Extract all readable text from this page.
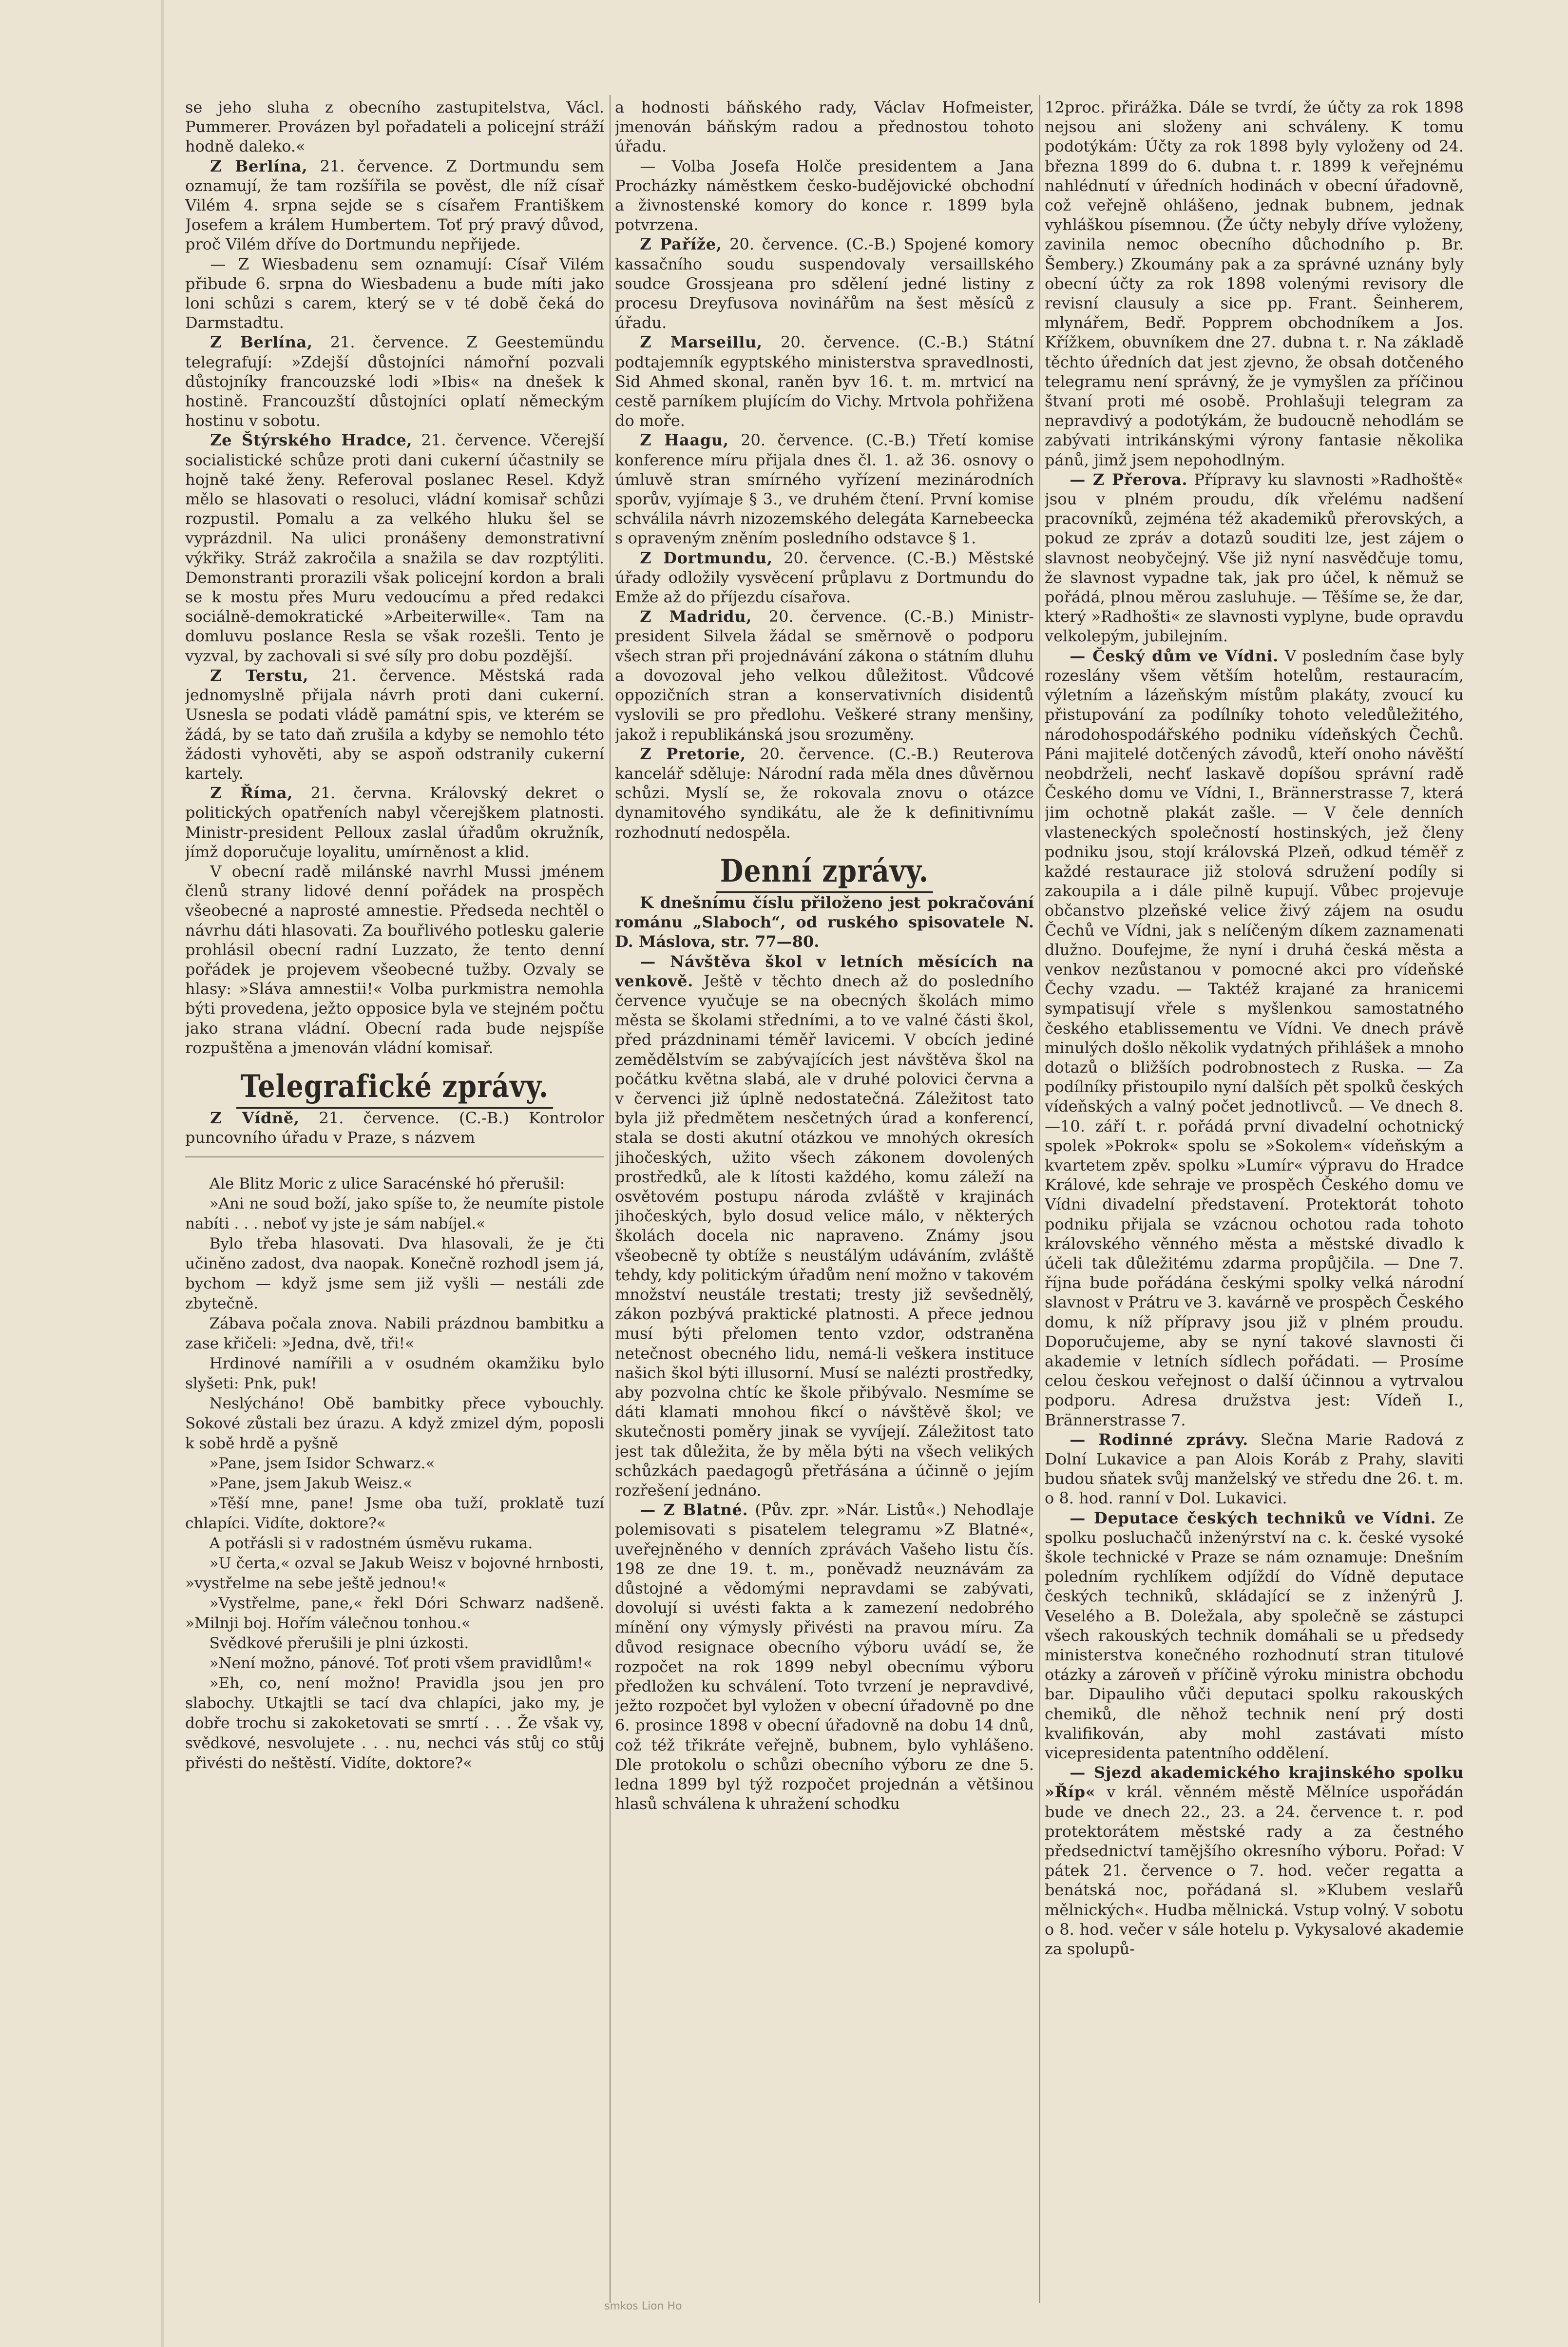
se jeho sluha z obecního zastupitelstva, Václ. Pummerer. Provázen byl pořadateli a policejní stráží hodně daleko.«

Z Berlína, 21. července. Z Dortmundu sem oznamují, že tam rozšířila se pověst, dle níž císař Vilém 4. srpna sejde se s císařem Františkem Josefem a králem Humbertem. Toť prý pravý důvod, proč Vilém dříve do Dortmundu nepřijede.

— Z Wiesbadenu sem oznamují: Císař Vilém přibude 6. srpna do Wiesbadenu a bude míti jako loni schůzi s carem, který se v té době čeká do Darmstadtu.

Z Berlína, 21. července. Z Geestemündu telegrafují: »Zdejší důstojníci námořní pozvali důstojníky francouzské lodi »Ibis« na dnešek k hostině. Francouzští důstojníci oplatí německým hostinu v sobotu.

Ze Štýrského Hradce, 21. července. Včerejší socialistické schůze proti dani cukerní účastnily se hojně také ženy. Referoval poslanec Resel. Když mělo se hlasovati o resoluci, vládní komisař schůzi rozpustil. Pomalu a za velkého hluku šel se vyprázdnil. Na ulici pronášeny demonstrativní výkřiky. Stráž zakročila a snažila se dav rozptýliti. Demonstranti prorazili však policejní kordon a brali se k mostu přes Muru vedoucímu a před redakci sociálně-demokratické »Arbeiterwille«. Tam na domluvu poslance Resla se však rozešli. Tento je vyzval, by zachovali si své síly pro dobu pozdější.

Z Terstu, 21. července. Městská rada jednomyslně přijala návrh proti dani cukerní. Usnesla se podati vládě památní spis, ve kterém se žádá, by se tato daň zrušila a kdyby se nemohlo této žádosti vyhověti, aby se aspoň odstranily cukerní kartely.

Z Říma, 21. června. Královský dekret o politických opatřeních nabyl včerejškem platnosti. Ministr-president Pelloux zaslal úřadům okružník, jímž doporučuje loyalitu, umírněnost a klid.

V obecní radě milánské navrhl Mussi jménem členů strany lidové denní pořádek na prospěch všeobecné a naprosté amnestie. Předseda nechtěl o návrhu dáti hlasovati. Za bouřlivého potlesku galerie prohlásil obecní radní Luzzato, že tento denní pořádek je projevem všeobecné tužby. Ozvaly se hlasy: »Sláva amnestii!« Volba purkmistra nemohla býti provedena, ježto opposice byla ve stejném počtu jako strana vládní. Obecní rada bude nejspíše rozpuštěna a jmenován vládní komisař.

Telegrafické zprávy.

Z Vídně, 21. července. (C.-B.) Kontrolor puncovního úřadu v Praze, s názvem

Ale Blitz Moric z ulice Saracénské hó přerušil:

»Ani ne soud boží, jako spíše to, že neumíte pistole nabíti . . . neboť vy jste je sám nabíjel.«

Bylo třeba hlasovati. Dva hlasovali, že je čti učiněno zadost, dva naopak. Konečně rozhodl jsem já, bychom — když jsme sem již vyšli — nestáli zde zbytečně.

Zábava počala znova. Nabili prázdnou bambitku a zase křičeli: »Jedna, dvě, tři!«

Hrdinové namířili a v osudném okamžiku bylo slyšeti: Pnk, puk!

Neslýcháno! Obě bambitky přece vybouchly. Sokové zůstali bez úrazu. A když zmizel dým, poposli k sobě hrdě a pyšně

»Pane, jsem Isidor Schwarz.«

»Pane, jsem Jakub Weisz.«

»Těší mne, pane! Jsme oba tuží, proklatě tuzí chlapíci. Vidíte, doktore?«

A potřásli si v radostném úsměvu rukama.

»U čerta,« ozval se Jakub Weisz v bojovné hrnbosti, »vystřelme na sebe ještě jednou!«

»Vystřelme, pane,« řekl Dóri Schwarz nadšeně. »Milnji boj. Hořím válečnou tonhou.«

Svědkové přerušili je plni úzkosti.

»Není možno, pánové. Toť proti všem pravidlům!«

»Eh, co, není možno! Pravidla jsou jen pro slabochy. Utkajtli se tací dva chlapíci, jako my, je dobře trochu si zakoketovati se smrtí . . . Že však vy, svědkové, nesvolujete . . . nu, nechci vás stůj co stůj přivésti do neštěstí. Vidíte, doktore?«

a hodnosti báňského rady, Václav Hofmeister, jmenován báňským radou a přednostou tohoto úřadu.

— Volba Josefa Holče presidentem a Jana Procházky náměstkem česko-budějovické obchodní a živnostenské komory do konce r. 1899 byla potvrzena.

Z Paříže, 20. července. (C.-B.) Spojené komory kassačního soudu suspendovaly versaillského soudce Grossjeana pro sdělení jedné listiny z procesu Dreyfusova novinářům na šest měsíců z úřadu.

Z Marseillu, 20. července. (C.-B.) Státní podtajemník egyptského ministerstva spravedlnosti, Sid Ahmed skonal, raněn byv 16. t. m. mrtvicí na cestě parníkem plujícím do Vichy. Mrtvola pohřižena do moře.

Z Haagu, 20. července. (C.-B.) Třetí komise konference míru přijala dnes čl. 1. až 36. osnovy o úmluvě stran smírného vyřízení mezinárodních sporův, vyjímaje § 3., ve druhém čtení. První komise schválila návrh nizozemského delegáta Karnebeecka s opraveným zněním posledního odstavce § 1.

Z Dortmundu, 20. července. (C.-B.) Městské úřady odložily vysvěcení průplavu z Dortmundu do Emže až do příjezdu císařova.

Z Madridu, 20. července. (C.-B.) Ministr-president Silvela žádal se směrnově o podporu všech stran při projednávání zákona o státním dluhu a dovozoval jeho velkou důležitost. Vůdcové oppozičních stran a konservativních disidentů vyslovili se pro předlohu. Veškeré strany menšiny, jakož i republikánská jsou srozuměny.

Z Pretorie, 20. července. (C.-B.) Reuterova kancelář sděluje: Národní rada měla dnes důvěrnou schůzi. Myslí se, že rokovala znovu o otázce dynamitového syndikátu, ale že k definitivnímu rozhodnutí nedospěla.

Denní zprávy.

K dnešnímu číslu přiloženo jest pokračování románu „Slaboch“, od ruského spisovatele N. D. Máslova, str. 77—80.

— Návštěva škol v letních měsících na venkově. Ještě v těchto dnech až do posledního července vyučuje se na obecných školách mimo města se školami středními, a to ve valné části škol, před prázdninami téměř lavicemi. V obcích jediné zemědělstvím se zabývajících jest návštěva škol na počátku května slabá, ale v druhé polovici června a v červenci již úplně nedostatečná. Záležitost tato byla již předmětem nesčetných úrad a konferencí, stala se dosti akutní otázkou ve mnohých okresích jihočeských, užito všech zákonem dovolených prostředků, ale k lítosti každého, komu záleží na osvětovém postupu národa zvláště v krajinách jihočeských, bylo dosud velice málo, v některých školách docela nic napraveno. Známy jsou všeobecně ty obtíže s neustálým udáváním, zvláště tehdy, kdy politickým úřadům není možno v takovém množství neustále trestati; tresty již sevšednělý, zákon pozbývá praktické platnosti. A přece jednou musí býti přelomen tento vzdor, odstraněna netečnost obecného lidu, nemá-li veškera instituce našich škol býti illusorní. Musí se nalézti prostředky, aby pozvolna chtíc ke škole přibývalo. Nesmíme se dáti klamati mnohou fikcí o návštěvě škol; ve skutečnosti poměry jinak se vyvíjejí. Záležitost tato jest tak důležita, že by měla býti na všech velikých schůzkách paedagogů přetřásána a účinně o jejím rozřešení jednáno.

— Z Blatné. (Pův. zpr. »Nár. Listů«.) Nehodlaje polemisovati s pisatelem telegramu »Z Blatné«, uveřejněného v denních zprávách Vašeho listu čís. 198 ze dne 19. t. m., poněvadž neuznávám za důstojné a vědomými nepravdami se zabývati, dovolují si uvésti fakta a k zamezení nedobrého mínění ony výmysly přivésti na pravou míru. Za důvod resignace obecního výboru uvádí se, že rozpočet na rok 1899 nebyl obecnímu výboru předložen ku schválení. Toto tvrzení je nepravdivé, ježto rozpočet byl vyložen v obecní úřadovně po dne 6. prosince 1898 v obecní úřadovně na dobu 14 dnů, což též třikráte veřejně, bubnem, bylo vyhlášeno. Dle protokolu o schůzi obecního výboru ze dne 5. ledna 1899 byl týž rozpočet projednán a většinou hlasů schválena k uhražení schodku

12proc. přirážka. Dále se tvrdí, že účty za rok 1898 nejsou ani složeny ani schváleny. K tomu podotýkám: Účty za rok 1898 byly vyloženy od 24. března 1899 do 6. dubna t. r. 1899 k veřejnému nahlédnutí v úředních hodinách v obecní úřadovně, což veřejně ohlášeno, jednak bubnem, jednak vyhláškou písemnou. (Že účty nebyly dříve vyloženy, zavinila nemoc obecního důchodního p. Br. Šembery.) Zkoumány pak a za správné uznány byly obecní účty za rok 1898 volenými revisory dle revisní clausuly a sice pp. Frant. Šeinherem, mlynářem, Bedř. Popprem obchodníkem a Jos. Křížkem, obuvníkem dne 27. dubna t. r. Na základě těchto úředních dat jest zjevno, že obsah dotčeného telegramu není správný, že je vymyšlen za příčinou štvaní proti mé osobě. Prohlašuji telegram za nepravdivý a podotýkám, že budoucně nehodlám se zabývati intrikánskými výrony fantasie několika pánů, jimž jsem nepohodlným.

— Z Přerova. Přípravy ku slavnosti »Radhoště« jsou v plném proudu, dík vřelému nadšení pracovníků, zejména též akademiků přerovských, a pokud ze zpráv a dotazů souditi lze, jest zájem o slavnost neobyčejný. Vše již nyní nasvědčuje tomu, že slavnost vypadne tak, jak pro účel, k němuž se pořádá, plnou měrou zasluhuje. — Těšíme se, že dar, který »Radhošti« ze slavnosti vyplyne, bude opravdu velkolepým, jubilejním.

— Český dům ve Vídni. V posledním čase byly rozeslány všem větším hotelům, restauracím, výletním a lázeňským místům plakáty, zvoucí ku přistupování za podílníky tohoto veledůležitého, národohospodářského podniku vídeňských Čechů. Páni majitelé dotčených závodů, kteří onoho návěští neobdrželi, nechť laskavě dopíšou správní radě Českého domu ve Vídni, I., Brännerstrasse 7, která jim ochotně plakát zašle. — V čele denních vlasteneckých společností hostinských, jež členy podniku jsou, stojí královská Plzeň, odkud téměř z každé restaurace již stolová sdružení podíly si zakoupila a i dále pilně kupují. Vůbec projevuje občanstvo plzeňské velice živý zájem na osudu Čechů ve Vídni, jak s nelíčeným díkem zaznamenati dlužno. Doufejme, že nyní i druhá česká města a venkov nezůstanou v pomocné akci pro vídeňské Čechy vzadu. — Taktéž krajané za hranicemi sympatisují vřele s myšlenkou samostatného českého etablissementu ve Vídni. Ve dnech právě minulých došlo několik vydatných přihlášek a mnoho dotazů o bližších podrobnostech z Ruska. — Za podílníky přistoupilo nyní dalších pět spolků českých vídeňských a valný počet jednotlivců. — Ve dnech 8.—10. září t. r. pořádá první divadelní ochotnický spolek »Pokrok« spolu se »Sokolem« vídeňským a kvartetem zpěv. spolku »Lumír« výpravu do Hradce Králové, kde sehraje ve prospěch Českého domu ve Vídni divadelní představení. Protektorát tohoto podniku přijala se vzácnou ochotou rada tohoto královského věnného města a městské divadlo k účeli tak důležitému zdarma propůjčila. — Dne 7. října bude pořádána českými spolky velká národní slavnost v Prátru ve 3. kavárně ve prospěch Českého domu, k níž přípravy jsou již v plném proudu. Doporučujeme, aby se nyní takové slavnosti či akademie v letních sídlech pořádati. — Prosíme celou českou veřejnost o další účinnou a vytrvalou podporu. Adresa družstva jest: Vídeň I., Brännerstrasse 7.

— Rodinné zprávy. Slečna Marie Radová z Dolní Lukavice a pan Alois Koráb z Prahy, slaviti budou sňatek svůj manželský ve středu dne 26. t. m. o 8. hod. ranní v Dol. Lukavici.

— Deputace českých techniků ve Vídni. Ze spolku posluchačů inženýrství na c. k. české vysoké škole technické v Praze se nám oznamuje: Dnešním poledním rychlíkem odjíždí do Vídně deputace českých techniků, skládající se z inženýrů J. Veselého a B. Doležala, aby společně se zástupci všech rakouských technik domáhali se u předsedy ministerstva konečného rozhodnutí stran titulové otázky a zároveň v příčině výroku ministra obchodu bar. Dipauliho vůči deputaci spolku rakouských chemiků, dle něhož technik není prý dosti kvalifikován, aby mohl zastávati místo vicepresidenta patentního oddělení.

— Sjezd akademického krajinského spolku »Říp« v král. věnném městě Mělníce uspořádán bude ve dnech 22., 23. a 24. července t. r. pod protektorátem městské rady a za čestného předsednictví tamějšího okresního výboru. Pořad: V pátek 21. července o 7. hod. večer regatta a benátská noc, pořádaná sl. »Klubem veslařů mělnických«. Hudba mělnická. Vstup volný. V sobotu o 8. hod. večer v sále hotelu p. Vykysalové akademie za spolupů-

smkos Lion Ho
